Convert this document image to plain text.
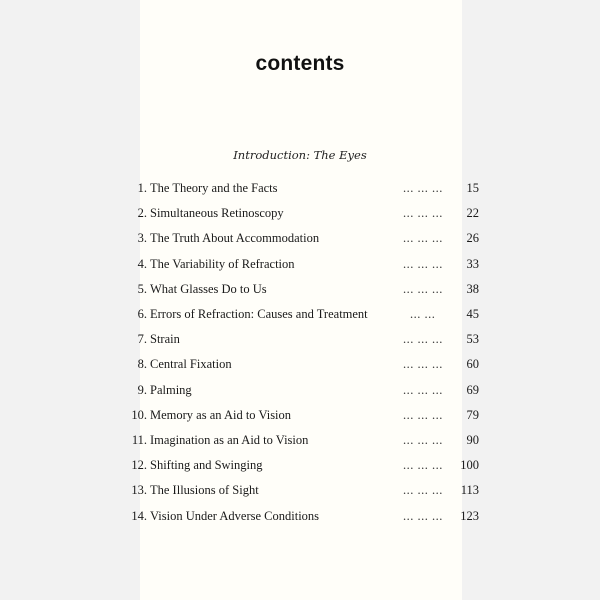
contents
Introduction: The Eyes
1. The Theory and the Facts	... ... ... 15
2. Simultaneous Retinoscopy	... ... ... 22
3. The Truth About Accommodation	... ... ... 26
4. The Variability of Refraction	... ... ... 33
5. What Glasses Do to Us	... ... ... 38
6. Errors of Refraction: Causes and Treatment	... ... 45
7. Strain	... ... ... 53
8. Central Fixation	... ... ... 60
9. Palming	... ... ... 69
10. Memory as an Aid to Vision	... ... ... 79
11. Imagination as an Aid to Vision	... ... ... 90
12. Shifting and Swinging	... ... ... 100
13. The Illusions of Sight	... ... ... 113
14. Vision Under Adverse Conditions	... ... ... 123
